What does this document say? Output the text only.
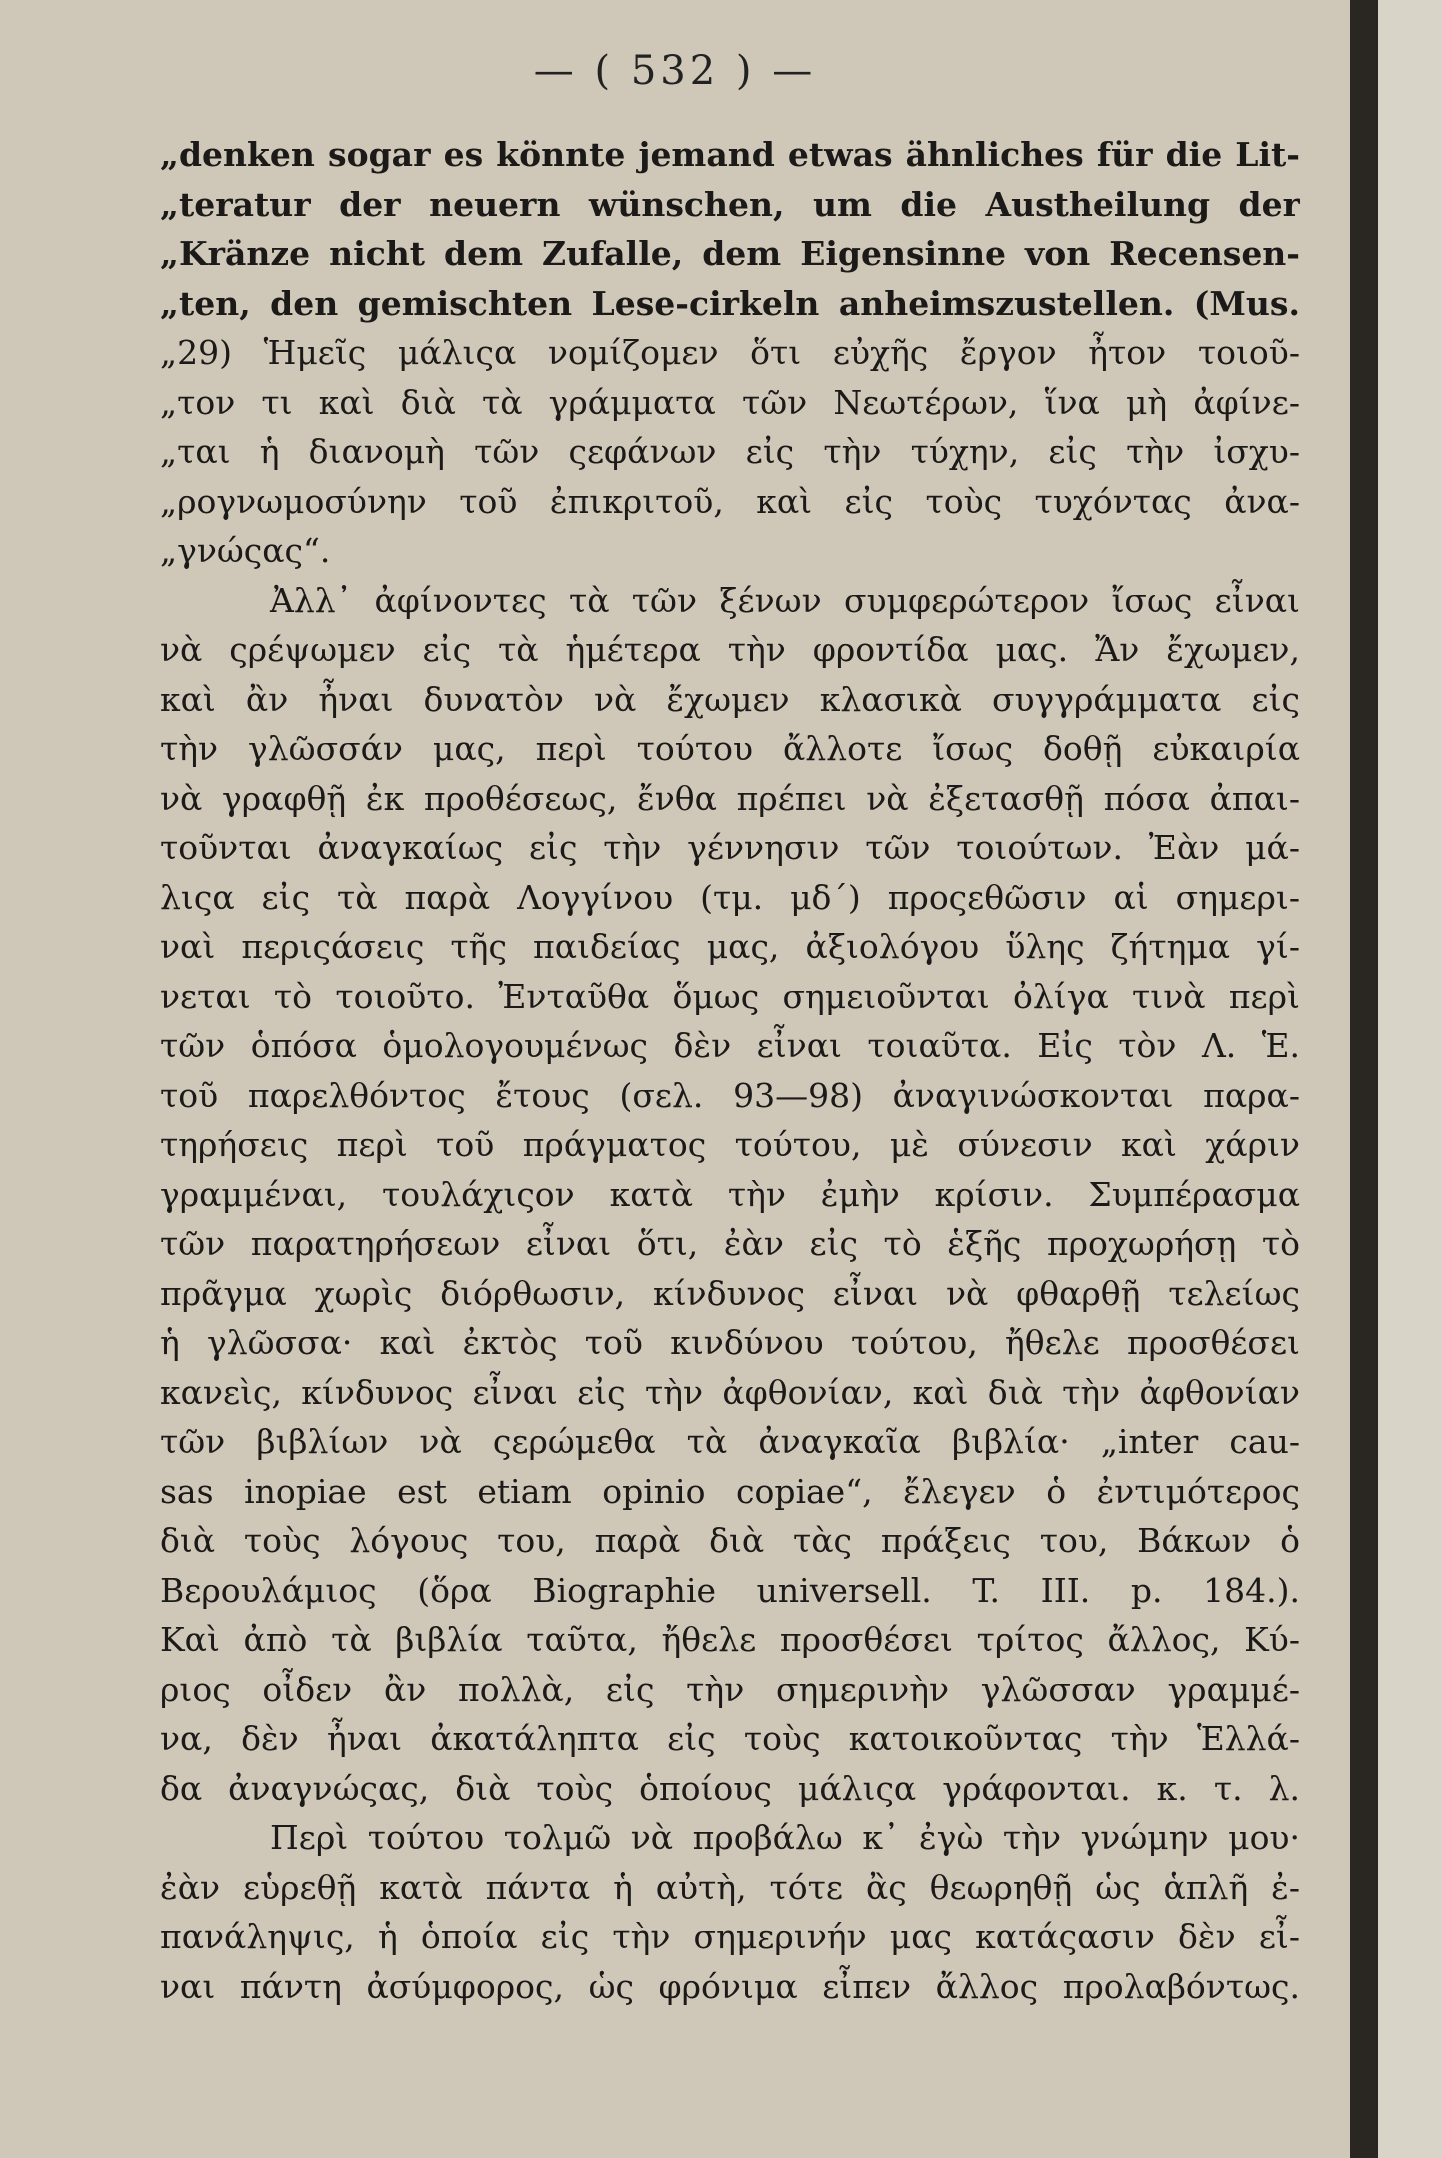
— ( 532 ) —
„denken sogar es könnte jemand etwas ähnliches für die Lit-
„teratur der neuern wünschen, um die Austheilung der
„Kränze nicht dem Zufalle, dem Eigensinne von Recensen-
„ten, den gemischten Lese-cirkeln anheimszustellen. (Mus.
„29) Ἡμεῖς μάλιςα νομίζομεν ὅτι εὐχῆς ἔργον ἦτον τοιοῦ-
„τον τι καὶ διὰ τὰ γράμματα τῶν Νεωτέρων, ἵνα μὴ ἀφίνε-
„ται ἡ διανομὴ τῶν ςεφάνων εἰς τὴν τύχην, εἰς τὴν ἰσχυ-
„ρογνωμοσύνην τοῦ ἐπικριτοῦ, καὶ εἰς τοὺς τυχόντας ἀνα-
„γνώςας“.
Ἀλλ᾽ ἀφίνοντες τὰ τῶν ξένων συμφερώτερον ἴσως εἶναι
νὰ ςρέψωμεν εἰς τὰ ἡμέτερα τὴν φροντίδα μας. Ἄν ἔχωμεν,
καὶ ἂν ἦναι δυνατὸν νὰ ἔχωμεν κλασικὰ συγγράμματα εἰς
τὴν γλῶσσάν μας, περὶ τούτου ἄλλοτε ἴσως δοθῇ εὐκαιρία
νὰ γραφθῇ ἐκ προθέσεως, ἔνθα πρέπει νὰ ἐξετασθῇ πόσα ἀπαι-
τοῦνται ἀναγκαίως εἰς τὴν γέννησιν τῶν τοιούτων. Ἐὰν μά-
λιςα εἰς τὰ παρὰ Λογγίνου (τμ. μδ´) προςεθῶσιν αἱ σημερι-
ναὶ περιςάσεις τῆς παιδείας μας, ἀξιολόγου ὕλης ζήτημα γί-
νεται τὸ τοιοῦτο. Ἐνταῦθα ὅμως σημειοῦνται ὀλίγα τινὰ περὶ
τῶν ὁπόσα ὁμολογουμένως δὲν εἶναι τοιαῦτα. Εἰς τὸν Λ. Ἑ.
τοῦ παρελθόντος ἔτους (σελ. 93—98) ἀναγινώσκονται παρα-
τηρήσεις περὶ τοῦ πράγματος τούτου, μὲ σύνεσιν καὶ χάριν
γραμμέναι, τουλάχιςον κατὰ τὴν ἐμὴν κρίσιν. Συμπέρασμα
τῶν παρατηρήσεων εἶναι ὅτι, ἐὰν εἰς τὸ ἑξῆς προχωρήσῃ τὸ
πρᾶγμα χωρὶς διόρθωσιν, κίνδυνος εἶναι νὰ φθαρθῇ τελείως
ἡ γλῶσσα· καὶ ἐκτὸς τοῦ κινδύνου τούτου, ἤθελε προσθέσει
κανεὶς, κίνδυνος εἶναι εἰς τὴν ἀφθονίαν, καὶ διὰ τὴν ἀφθονίαν
τῶν βιβλίων νὰ ςερώμεθα τὰ ἀναγκαῖα βιβλία· „inter cau-
sas inopiae est etiam opinio copiae“, ἔλεγεν ὁ ἐντιμότερος
διὰ τοὺς λόγους του, παρὰ διὰ τὰς πράξεις του, Βάκων ὁ
Βερουλάμιος (ὅρα Biographie universell. T. III. p. 184.).
Καὶ ἀπὸ τὰ βιβλία ταῦτα, ἤθελε προσθέσει τρίτος ἄλλος, Κύ-
ριος οἶδεν ἂν πολλὰ, εἰς τὴν σημερινὴν γλῶσσαν γραμμέ-
να, δὲν ἦναι ἀκατάληπτα εἰς τοὺς κατοικοῦντας τὴν Ἑλλά-
δα ἀναγνώςας, διὰ τοὺς ὁποίους μάλιςα γράφονται. κ. τ. λ.
Περὶ τούτου τολμῶ νὰ προβάλω κ᾽ ἐγὼ τὴν γνώμην μου·
ἐὰν εὑρεθῇ κατὰ πάντα ἡ αὐτὴ, τότε ἂς θεωρηθῇ ὡς ἁπλῆ ἐ-
πανάληψις, ἡ ὁποία εἰς τὴν σημερινήν μας κατάςασιν δὲν εἶ-
ναι πάντη ἀσύμφορος, ὡς φρόνιμα εἶπεν ἄλλος προλαβόντως.
